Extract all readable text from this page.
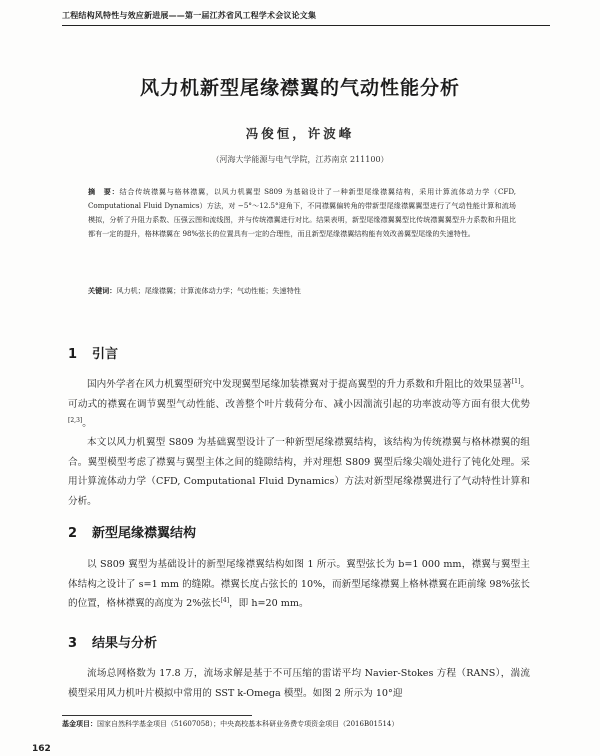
工程结构风特性与效应新进展——第一届江苏省风工程学术会议论文集
风力机新型尾缘襟翼的气动性能分析
冯俊恒，许波峰
（河海大学能源与电气学院，江苏南京 211100）
摘　要：结合传统襟翼与格林襟翼，以风力机翼型 S809 为基础设计了一种新型尾缘襟翼结构，采用计算流体动力学（CFD, Computational Fluid Dynamics）方法，对 −5°～12.5°迎角下，不同襟翼偏转角的带新型尾缘襟翼翼型进行了气动性能计算和流场模拟，分析了升阻力系数、压强云图和流线图，并与传统襟翼进行对比。结果表明，新型尾缘襟翼翼型比传统襟翼翼型升力系数和升阻比都有一定的提升，格林襟翼在 98%弦长的位置具有一定的合理性，而且新型尾缘襟翼结构能有效改善翼型尾缘的失速特性。
关键词：风力机；尾缘襟翼；计算流体动力学；气动性能；失速特性
1 引言
国内外学者在风力机翼型研究中发现翼型尾缘加装襟翼对于提高翼型的升力系数和升阻比的效果显著[1]。可动式的襟翼在调节翼型气动性能、改善整个叶片载荷分布、减小因湍流引起的功率波动等方面有很大优势[2,3]。
本文以风力机翼型 S809 为基础翼型设计了一种新型尾缘襟翼结构，该结构为传统襟翼与格林襟翼的组合。翼型模型考虑了襟翼与翼型主体之间的缝隙结构，并对理想 S809 翼型后缘尖端处进行了钝化处理。采用计算流体动力学（CFD, Computational Fluid Dynamics）方法对新型尾缘襟翼进行了气动特性计算和分析。
2 新型尾缘襟翼结构
以 S809 翼型为基础设计的新型尾缘襟翼结构如图 1 所示。翼型弦长为 b=1 000 mm，襟翼与翼型主体结构之设计了 s=1 mm 的缝隙。襟翼长度占弦长的 10%，而新型尾缘襟翼上格林襟翼在距前缘 98%弦长的位置，格林襟翼的高度为 2%弦长[4]，即 h=20 mm。
3 结果与分析
流场总网格数为 17.8 万，流场求解是基于不可压缩的雷诺平均 Navier-Stokes 方程（RANS），湍流模型采用风力机叶片模拟中常用的 SST k-Omega 模型。如图 2 所示为 10°迎
基金项目：国家自然科学基金项目（51607058）；中央高校基本科研业务费专项资金项目（2016B01514）
162
